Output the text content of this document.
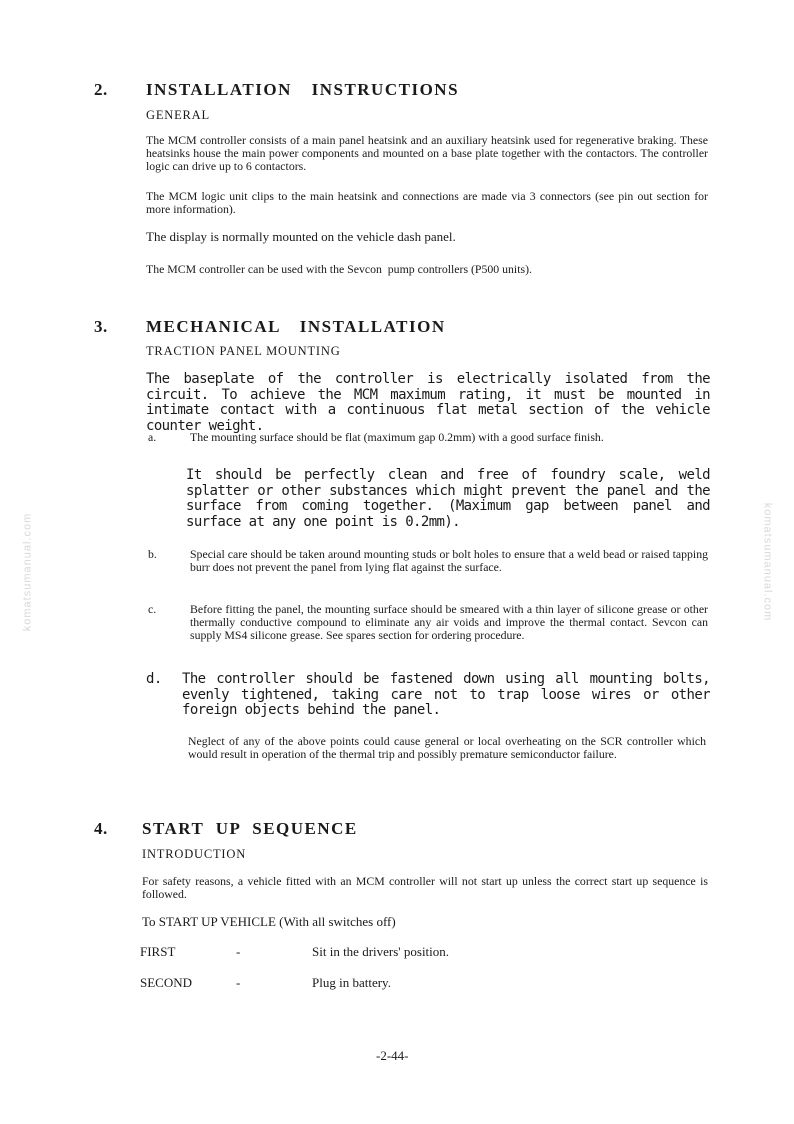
komatsumanual.com	komatsumanual.com
2. INSTALLATION INSTRUCTIONS
GENERAL
The MCM controller consists of a main panel heatsink and an auxiliary heatsink used for regenerative braking. These heatsinks house the main power components and mounted on a base plate together with the contactors. The controller logic can drive up to 6 contactors.
The MCM logic unit clips to the main heatsink and connections are made via 3 connectors (see pin out section for more information).
The display is normally mounted on the vehicle dash panel.
The MCM controller can be used with the Sevcon  pump controllers (P500 units).
3. MECHANICAL INSTALLATION
TRACTION PANEL MOUNTING
The baseplate of the controller is electrically isolated from the circuit. To achieve the MCM maximum rating, it must be mounted in intimate contact with a continuous flat metal section of the vehicle counter weight.
a.	The mounting surface should be flat (maximum gap 0.2mm) with a good surface finish.
It should be perfectly clean and free of foundry scale, weld splatter or other substances which might prevent the panel and the surface from coming together. (Maximum gap between panel and surface at any one point is 0.2mm).
b.	Special care should be taken around mounting studs or bolt holes to ensure that a weld bead or raised tapping burr does not prevent the panel from lying flat against the surface.
c.	Before fitting the panel, the mounting surface should be smeared with a thin layer of silicone grease or other thermally conductive compound to eliminate any air voids and improve the thermal contact. Sevcon can supply MS4 silicone grease. See spares section for ordering procedure.
d. The controller should be fastened down using all mounting bolts, evenly tightened, taking care not to trap loose wires or other foreign objects behind the panel.
Neglect of any of the above points could cause general or local overheating on the SCR controller which would result in operation of the thermal trip and possibly premature semiconductor failure.
4. START UP SEQUENCE
INTRODUCTION
For safety reasons, a vehicle fitted with an MCM controller will not start up unless the correct start up sequence is followed.
To START UP VEHICLE (With all switches off)
FIRST	-	Sit in the drivers' position.
SECOND	-	Plug in battery.
-2-44-
